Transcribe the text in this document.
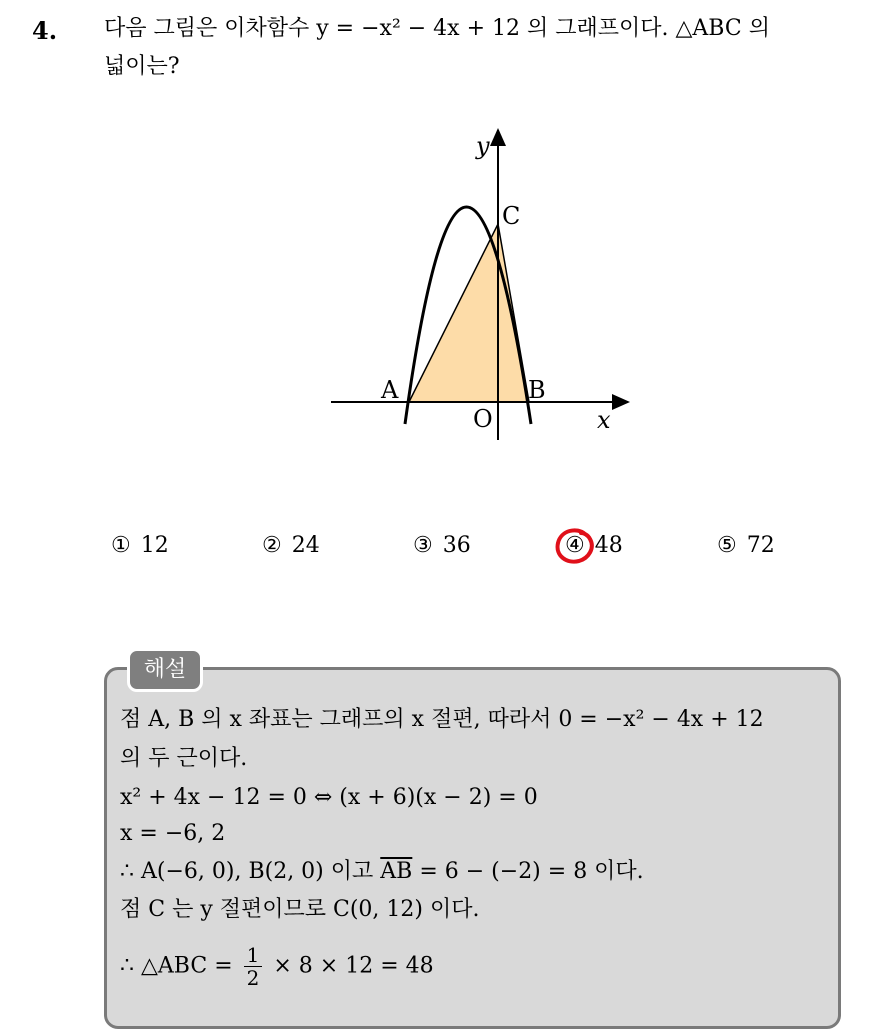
4. 다음 그림은 이차함수 y = −x² − 4x + 12 의 그래프이다. △ABC 의
넓이는?
y
C
A	B
O	x
① 12	② 24	③ 36	④ 48	⑤ 72
해설
점 A, B 의 x 좌표는 그래프의 x 절편, 따라서 0 = −x² − 4x + 12
의 두 근이다.
x² + 4x − 12 = 0 ⇔ (x + 6)(x − 2) = 0
x = −6, 2
∴ A(−6, 0), B(2, 0) 이고 $\overline{AB} = 6 - (-2) = 8$ 이다.
점 C 는 y 절편이므로 C(0, 12) 이다.
∴ △ABC = $\frac{1}{2} \times 8 \times 12 = 48$
